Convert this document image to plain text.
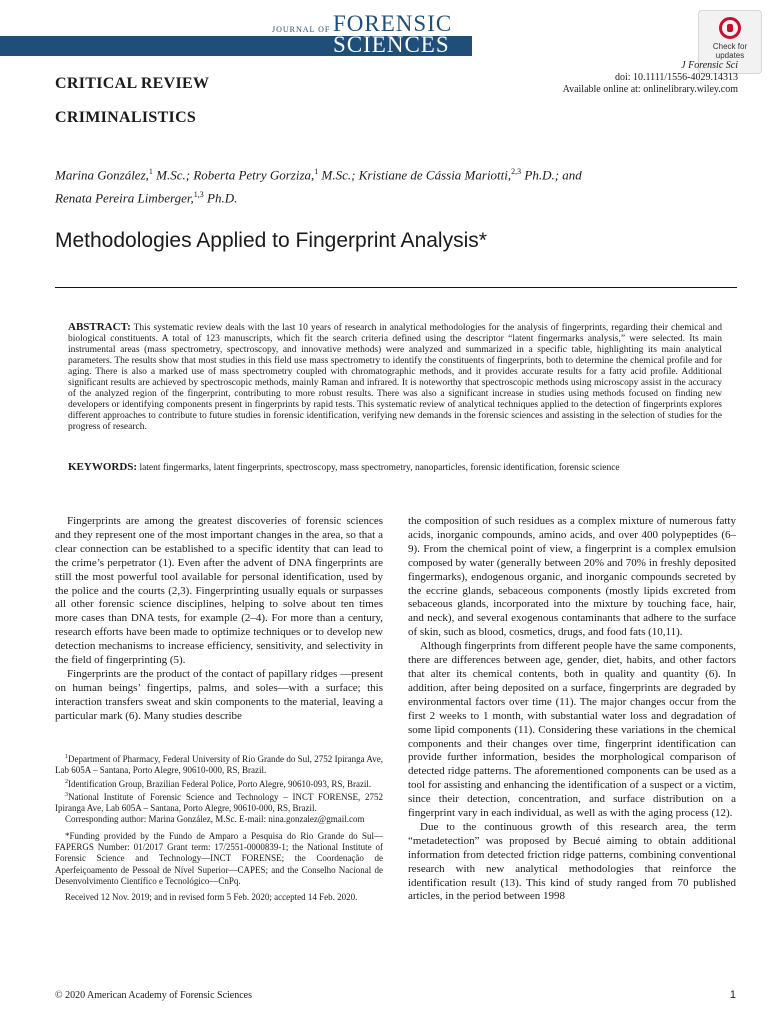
JOURNAL OF FORENSIC
SCIENCES	Check for updates
J Forensic Sci
doi: 10.1111/1556-4029.14313
Available online at: onlinelibrary.wiley.com
CRITICAL REVIEW
CRIMINALISTICS
Marina González,$^1$ M.Sc.; Roberta Petry Gorziza,$^1$ M.Sc.; Kristiane de Cássia Mariotti,$^{2,3}$ Ph.D.; and
Renata Pereira Limberger,$^{1,3}$ Ph.D.
Methodologies Applied to Fingerprint Analysis*
ABSTRACT: This systematic review deals with the last 10 years of research in analytical methodologies for the analysis of fingerprints, regarding their chemical and biological constituents. A total of 123 manuscripts, which fit the search criteria defined using the descriptor “latent fingermarks analysis,” were selected. Its main instrumental areas (mass spectrometry, spectroscopy, and innovative methods) were analyzed and summarized in a specific table, highlighting its main analytical parameters. The results show that most studies in this field use mass spectrometry to identify the constituents of fingerprints, both to determine the chemical profile and for aging. There is also a marked use of mass spectrometry coupled with chromatographic methods, and it provides accurate results for a fatty acid profile. Additional significant results are achieved by spectroscopic methods, mainly Raman and infrared. It is noteworthy that spectroscopic methods using microscopy assist in the accuracy of the analyzed region of the fingerprint, contributing to more robust results. There was also a significant increase in studies using methods focused on finding new developers or identifying components present in fingerprints by rapid tests. This systematic review of analytical techniques applied to the detection of fingerprints explores different approaches to contribute to future studies in forensic identification, verifying new demands in the forensic sciences and assisting in the selection of studies for the progress of research.
KEYWORDS: latent fingermarks, latent fingerprints, spectroscopy, mass spectrometry, nanoparticles, forensic identification, forensic science

Fingerprints are among the greatest discoveries of forensic sciences and they represent one of the most important changes in the area, so that a clear connection can be established to a specific identity that can lead to the crime’s perpetrator (1). Even after the advent of DNA fingerprints are still the most powerful tool available for personal identification, used by the police and the courts (2,3). Fingerprinting usually equals or surpasses all other forensic science disciplines, helping to solve about ten times more cases than DNA tests, for example (2–4). For more than a century, research efforts have been made to optimize techniques or to develop new detection mechanisms to increase efficiency, sensitivity, and selectivity in the field of fingerprinting (5).

Fingerprints are the product of the contact of papillary ridges —present on human beings’ fingertips, palms, and soles—with a surface; this interaction transfers sweat and skin components to the material, leaving a particular mark (6). Many studies describe

the composition of such residues as a complex mixture of numerous fatty acids, inorganic compounds, amino acids, and over 400 polypeptides (6–9). From the chemical point of view, a fingerprint is a complex emulsion composed by water (generally between 20% and 70% in freshly deposited fingermarks), endogenous organic, and inorganic compounds secreted by the eccrine glands, sebaceous components (mostly lipids excreted from sebaceous glands, incorporated into the mixture by touching face, hair, and neck), and several exogenous contaminants that adhere to the surface of skin, such as blood, cosmetics, drugs, and food fats (10,11).

Although fingerprints from different people have the same components, there are differences between age, gender, diet, habits, and other factors that alter its chemical contents, both in quality and quantity (6). In addition, after being deposited on a surface, fingerprints are degraded by environmental factors over time (11). The major changes occur from the first 2 weeks to 1 month, with substantial water loss and degradation of some lipid components (11). Considering these variations in the chemical components and their changes over time, fingerprint identification can provide further information, besides the morphological comparison of detected ridge patterns. The aforementioned components can be used as a tool for assisting and enhancing the identification of a suspect or a victim, since their detection, concentration, and surface distribution on a fingerprint vary in each individual, as well as with the aging process (12).

Due to the continuous growth of this research area, the term “metadetection” was proposed by Becué aiming to obtain additional information from detected friction ridge patterns, combining conventional research with new analytical methodologies that reinforce the identification result (13). This kind of study ranged from 70 published articles, in the period between 1998

$^1$Department of Pharmacy, Federal University of Rio Grande do Sul, 2752 Ipiranga Ave, Lab 605A – Santana, Porto Alegre, 90610-000, RS, Brazil.

$^2$Identification Group, Brazilian Federal Police, Porto Alegre, 90610-093, RS, Brazil.

$^3$National Institute of Forensic Science and Technology – INCT FORENSE, 2752 Ipiranga Ave, Lab 605A – Santana, Porto Alegre, 90610-000, RS, Brazil.

Corresponding author: Marina González, M.Sc. E-mail: nina.gonzalez@gmail.com

*Funding provided by the Fundo de Amparo a Pesquisa do Rio Grande do Sul—FAPERGS Number: 01/2017 Grant term: 17/2551-0000839-1; the National Institute of Forensic Science and Technology—INCT FORENSE; the Coordenação de Aperfeiçoamento de Pessoal de Nível Superior—CAPES; and the Conselho Nacional de Desenvolvimento Científico e Tecnológico—CnPq.

Received 12 Nov. 2019; and in revised form 5 Feb. 2020; accepted 14 Feb. 2020.

© 2020 American Academy of Forensic Sciences	1
